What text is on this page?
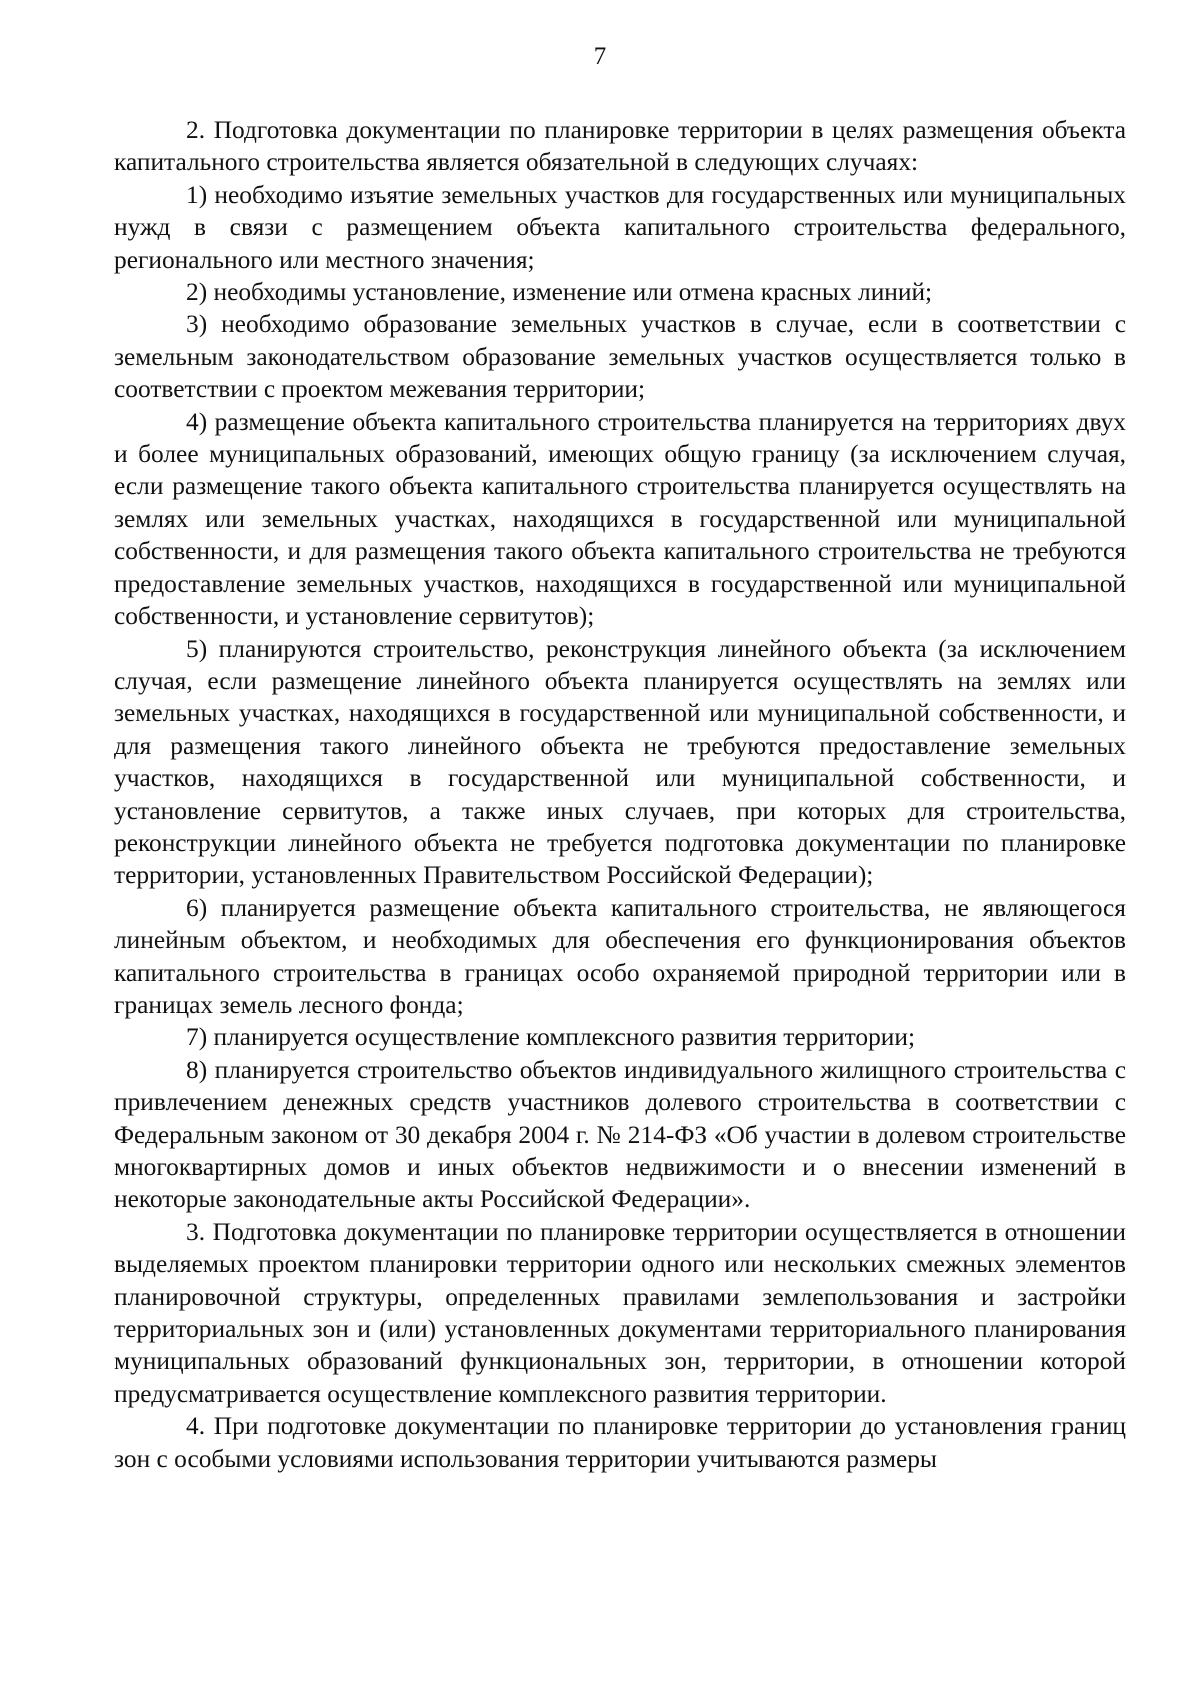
7

2. Подготовка документации по планировке территории в целях размещения объекта капитального строительства является обязательной в следующих случаях:

1) необходимо изъятие земельных участков для государственных или муниципальных нужд в связи с размещением объекта капитального строительства федерального, регионального или местного значения;

2) необходимы установление, изменение или отмена красных линий;

3) необходимо образование земельных участков в случае, если в соответствии с земельным законодательством образование земельных участков осуществляется только в соответствии с проектом межевания территории;

4) размещение объекта капитального строительства планируется на территориях двух и более муниципальных образований, имеющих общую границу (за исключением случая, если размещение такого объекта капитального строительства планируется осуществлять на землях или земельных участках, находящихся в государственной или муниципальной собственности, и для размещения такого объекта капитального строительства не требуются предоставление земельных участков, находящихся в государственной или муниципальной собственности, и установление сервитутов);

5) планируются строительство, реконструкция линейного объекта (за исключением случая, если размещение линейного объекта планируется осуществлять на землях или земельных участках, находящихся в государственной или муниципальной собственности, и для размещения такого линейного объекта не требуются предоставление земельных участков, находящихся в государственной или муниципальной собственности, и установление сервитутов, а также иных случаев, при которых для строительства, реконструкции линейного объекта не требуется подготовка документации по планировке территории, установленных Правительством Российской Федерации);

6) планируется размещение объекта капитального строительства, не являющегося линейным объектом, и необходимых для обеспечения его функционирования объектов капитального строительства в границах особо охраняемой природной территории или в границах земель лесного фонда;

7) планируется осуществление комплексного развития территории;

8) планируется строительство объектов индивидуального жилищного строительства с привлечением денежных средств участников долевого строительства в соответствии с Федеральным законом от 30 декабря 2004 г. № 214-ФЗ «Об участии в долевом строительстве многоквартирных домов и иных объектов недвижимости и о внесении изменений в некоторые законодательные акты Российской Федерации».

3. Подготовка документации по планировке территории осуществляется в отношении выделяемых проектом планировки территории одного или нескольких смежных элементов планировочной структуры, определенных правилами землепользования и застройки территориальных зон и (или) установленных документами территориального планирования муниципальных образований функциональных зон, территории, в отношении которой предусматривается осуществление комплексного развития территории.

4. При подготовке документации по планировке территории до установления границ зон с особыми условиями использования территории учитываются размеры
